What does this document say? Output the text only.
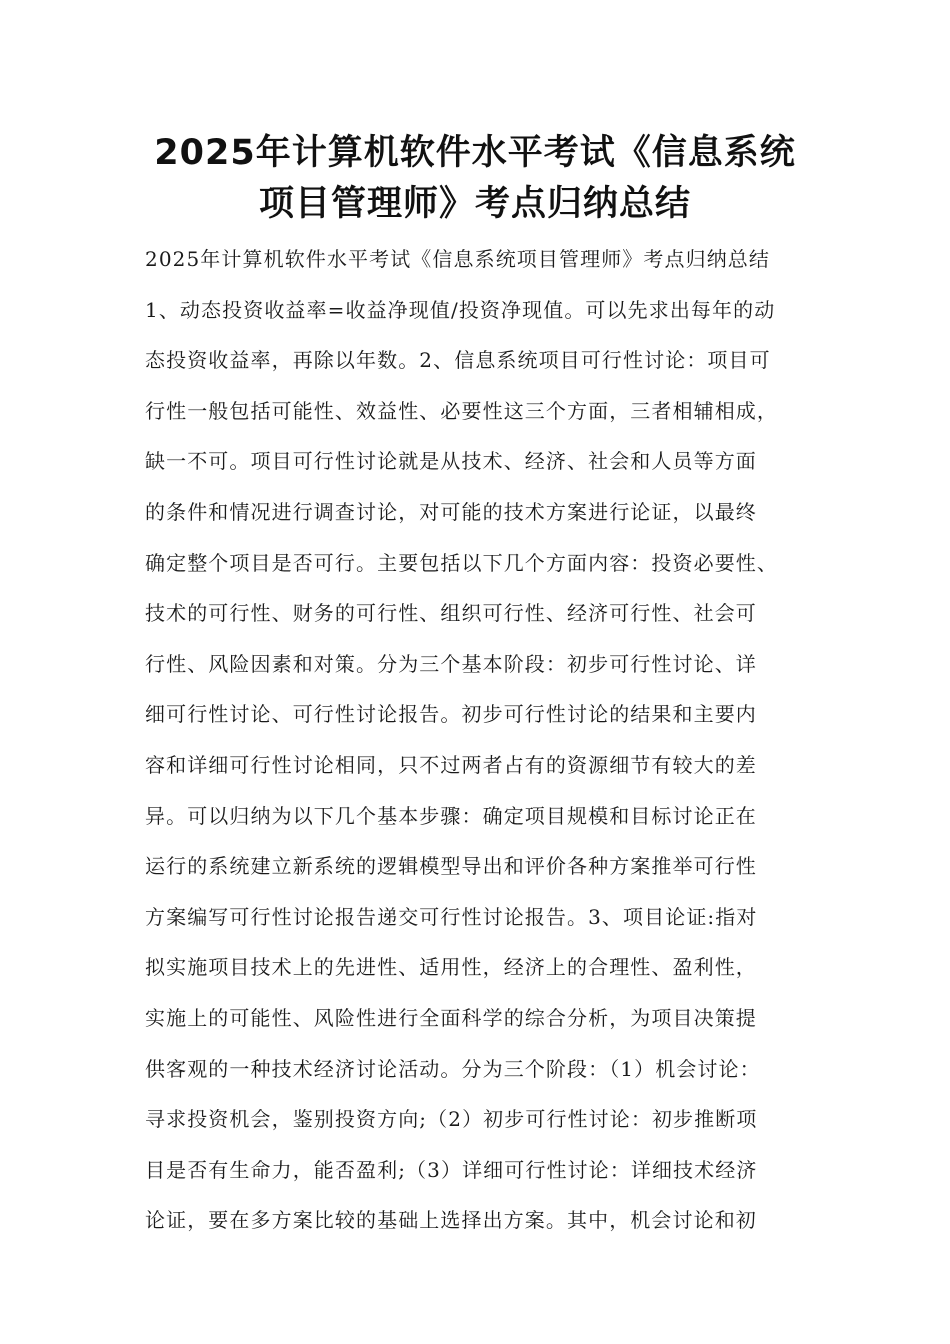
2025年计算机软件水平考试《信息系统
项目管理师》考点归纳总结
2025年计算机软件水平考试《信息系统项目管理师》考点归纳总结
1、动态投资收益率=收益净现值/投资净现值。可以先求出每年的动
态投资收益率，再除以年数。2、信息系统项目可行性讨论：项目可
行性一般包括可能性、效益性、必要性这三个方面，三者相辅相成，
缺一不可。项目可行性讨论就是从技术、经济、社会和人员等方面
的条件和情况进行调查讨论，对可能的技术方案进行论证，以最终
确定整个项目是否可行。主要包括以下几个方面内容：投资必要性、
技术的可行性、财务的可行性、组织可行性、经济可行性、社会可
行性、风险因素和对策。分为三个基本阶段：初步可行性讨论、详
细可行性讨论、可行性讨论报告。初步可行性讨论的结果和主要内
容和详细可行性讨论相同，只不过两者占有的资源细节有较大的差
异。可以归纳为以下几个基本步骤：确定项目规模和目标讨论正在
运行的系统建立新系统的逻辑模型导出和评价各种方案推举可行性
方案编写可行性讨论报告递交可行性讨论报告。3、项目论证:指对
拟实施项目技术上的先进性、适用性，经济上的合理性、盈利性，
实施上的可能性、风险性进行全面科学的综合分析，为项目决策提
供客观的一种技术经济讨论活动。分为三个阶段：（1）机会讨论：
寻求投资机会，鉴别投资方向;（2）初步可行性讨论：初步推断项
目是否有生命力，能否盈利;（3）详细可行性讨论：详细技术经济
论证，要在多方案比较的基础上选择出方案。其中，机会讨论和初
